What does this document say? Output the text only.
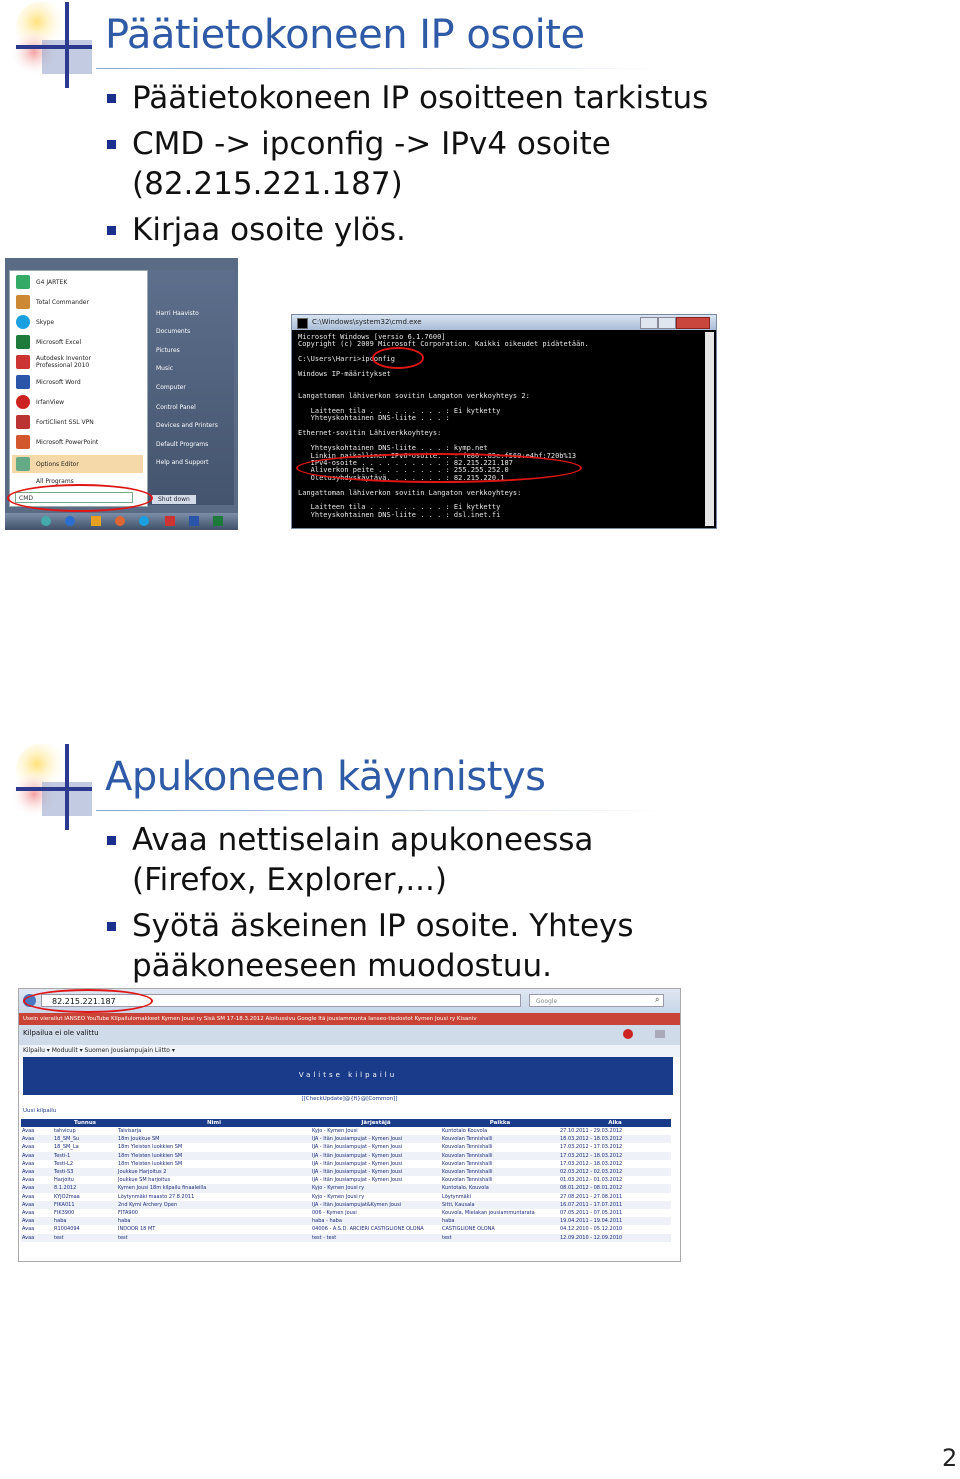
Päätietokoneen IP osoite
Päätietokoneen IP osoitteen tarkistus
CMD -> ipconfig -> IPv4 osoite (82.215.221.187)
Kirjaa osoite ylös.
G4 JARTEK
Total Commander
Skype
Microsoft Excel
Autodesk Inventor Professional 2010
Microsoft Word
IrfanView
FortiClient SSL VPN
Microsoft PowerPoint
Options Editor
All Programs
Harri Haavisto
Documents
Pictures
Music
Computer
Control Panel
Devices and Printers
Default Programs
Help and Support
Shut down
CMD
C:\Windows\system32\cmd.exe
Microsoft Windows [versio 6.1.7600]
Copyright (c) 2009 Microsoft Corporation. Kaikki oikeudet pidätetään.

C:\Users\Harri>ipconfig

Windows IP-määritykset

Langattoman lähiverkon sovitin Langaton verkkoyhteys 2:

Laitteen tila . . . . . . . . . : Ei kytketty
Yhteyskohtainen DNS-liite . . . :

Ethernet-sovitin Lähiverkkoyhteys:

Yhteyskohtainen DNS-liite . . . : kymp.net
Linkin paikallinen IPv6-osoite. . : fe80::85e:f560:e4bf:720b%13
IPv4-osoite . . . . . . . . . . : 82.215.221.187
Aliverkon peite . . . . . . . . : 255.255.252.0
Oletusyhdyskäytävä. . . . . . . : 82.215.220.1

Langattoman lähiverkon sovitin Langaton verkkoyhteys:

Laitteen tila . . . . . . . . . : Ei kytketty
Yhteyskohtainen DNS-liite . . . : dsl.inet.fi
Apukoneen käynnistys
Avaa nettiselain apukoneessa (Firefox, Explorer,...)
Syötä äskeinen IP osoite. Yhteys pääkoneeseen muodostuu.
82.215.221.187	Google	⌕
Usein vierailut IANSEO YouTube Kilpailulomakkeet Kymen Jousi ry Sisä SM 17-18.3.2012 Aloitussivu Google Itä jousiammunta Ianseo-tiedostot Kymen Jousi ry Kisaniv
Kilpailua ei ole valittu
Kilpailu ▾ Moduulit ▾ Suomen Jousiampujain Liitto ▾
Valitse kilpailu
[[CheckUpdate]@{fi}@[Common]]
Uusi kilpailu
	Tunnus	Nimi	Järjestäjä	Paikka	Aika
Avaa	tahvicup	Talvisarja	Kyjo - Kymen Jousi	Kuntotalo Kouvola	27.10.2011 - 29.03.2012
Avaa	18_SM_Su	18m Joukkue SM	IJA - Itän Jousiampujat - Kymen Jousi	Kouvolan Tennishalli	18.03.2012 - 18.03.2012
Avaa	18_SM_La	18m Yleisten luokkien SM	IJA - Itän Jousiampujat - Kymen Jousi	Kouvolan Tennishalli	17.03.2012 - 17.03.2012
Avaa	Testi-1	18m Yleisten luokkien SM	IJA - Itän Jousiampujat - Kymen Jousi	Kouvolan Tennishalli	17.03.2012 - 18.03.2012
Avaa	Testi-L2	18m Yleisten luokkien SM	IJA - Itän Jousiampujat - Kymen Jousi	Kouvolan Tennishalli	17.03.2012 - 18.03.2012
Avaa	Testi-S3	Joukkue Harjoitus 2	IJA - Itän Jousiampujat - Kymen Jousi	Kouvolan Tennishalli	02.03.2012 - 02.03.2012
Avaa	Harjoitu	Joukkue SM harjoitus	IJA - Itän Jousiampujat - Kymen Jousi	Kouvolan Tennishalli	01.03.2012 - 01.03.2012
Avaa	8.1.2012	Kymen Jousi 18m kilpailu finaaleilla	Kyjo - Kymen Jousi ry	Kuntotalo, Kouvola	08.01.2012 - 08.01.2012
Avaa	KYJO2maa	Löytynmäki maasto 27.8.2011	Kyjo - Kymen Jousi ry	Löytynmäki	27.08.2011 - 27.08.2011
Avaa	FIKA011	2nd Kymi Archery Open	IJA - Itän Jousiampujat&Kymen Jousi	Sitti, Kausala	16.07.2011 - 17.07.2011
Avaa	FIK3900	FITA900	006 - Kymen Jousi	Kouvola, Mielakan jousiammuntarata	07.05.2011 - 07.05.2011
Avaa	haba	haba	haba - haba	haba	19.04.2011 - 19.04.2011
Avaa	R1004094	INDOOR 18 MT	04006 - A.S.D. ARCIERI CASTIGLIONE OLONA	CASTIGLIONE OLONA	04.12.2010 - 05.12.2010
Avaa	test	test	test - test	test	12.09.2010 - 12.09.2010
2
